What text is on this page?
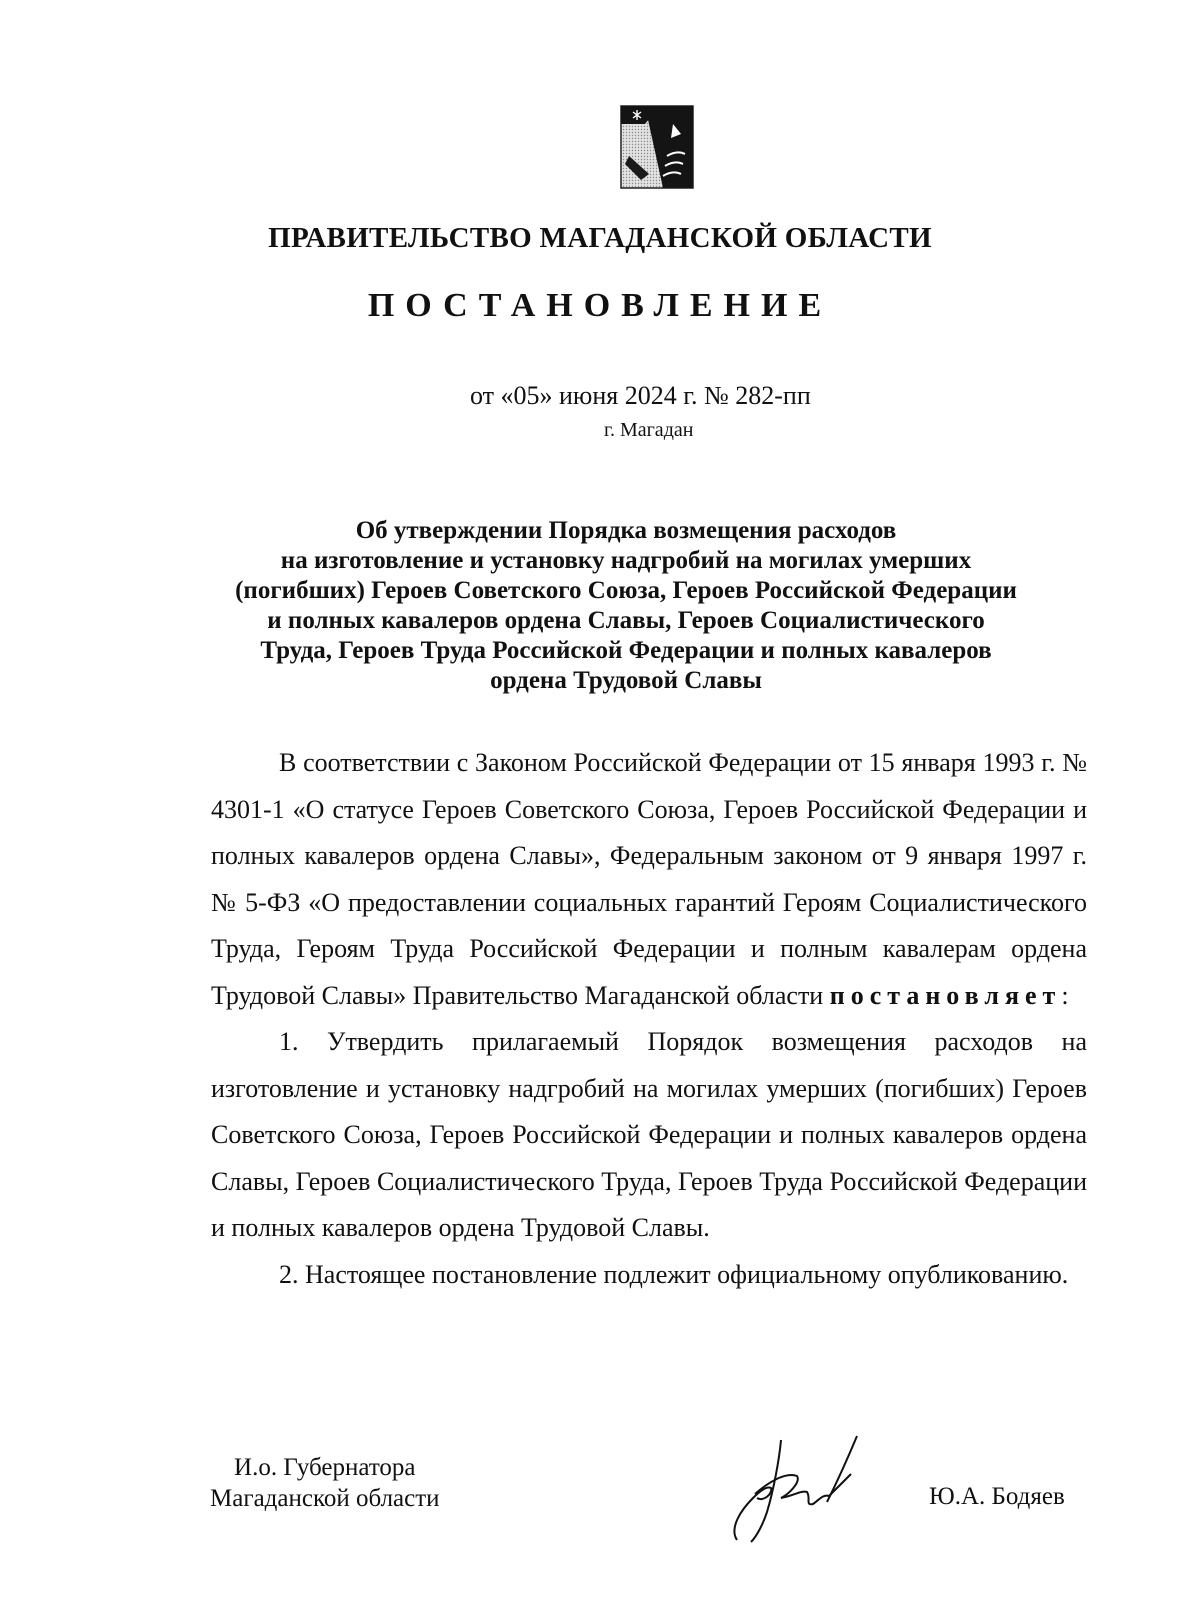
ПРАВИТЕЛЬСТВО МАГАДАНСКОЙ ОБЛАСТИ
ПОСТАНОВЛЕНИЕ
от «05» июня 2024 г. № 282-пп
г. Магадан
Об утверждении Порядка возмещения расходов
на изготовление и установку надгробий на могилах умерших
(погибших) Героев Советского Союза, Героев Российской Федерации
и полных кавалеров ордена Славы, Героев Социалистического
Труда, Героев Труда Российской Федерации и полных кавалеров
ордена Трудовой Славы

В соответствии с Законом Российской Федерации от 15 января 1993 г. № 4301-1 «О статусе Героев Советского Союза, Героев Российской Федерации и полных кавалеров ордена Славы», Федеральным законом от 9 января 1997 г. № 5-ФЗ «О предоставлении социальных гарантий Героям Социалистического Труда, Героям Труда Российской Федерации и полным кавалерам ордена Трудовой Славы» Правительство Магаданской области постановляет:

1. Утвердить прилагаемый Порядок возмещения расходов на изготовление и установку надгробий на могилах умерших (погибших) Героев Советского Союза, Героев Российской Федерации и полных кавалеров ордена Славы, Героев Социалистического Труда, Героев Труда Российской Федерации и полных кавалеров ордена Трудовой Славы.

2. Настоящее постановление подлежит официальному опубликованию.

И.о. Губернатора
Магаданской области	Ю.А. Бодяев
